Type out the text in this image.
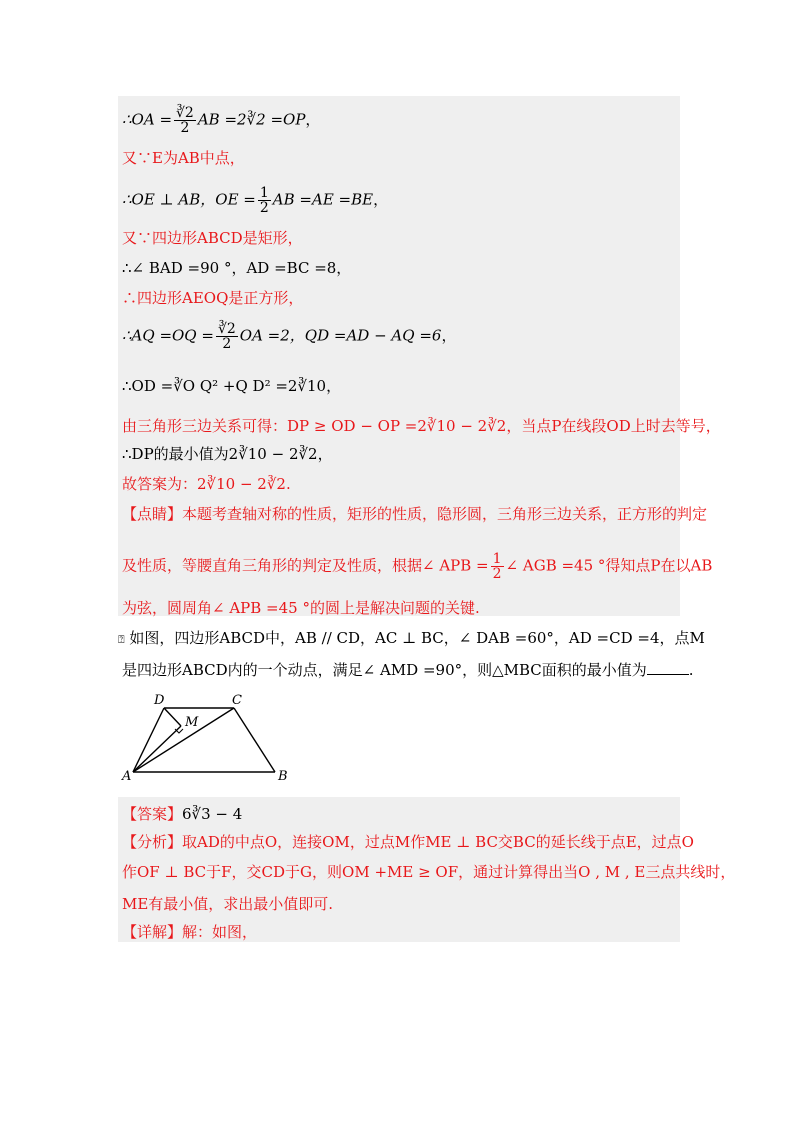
∴OA = $\frac{∛2}{2}$ AB =2∛2 =OP，
又∵E为AB中点，
∴OE ⊥ AB，OE = $\frac{1}{2}$ AB =AE =BE，
又∵四边形ABCD是矩形，
∴∠ BAD =90 °，AD =BC =8，
∴四边形AEOQ是正方形，
∴AQ $=OQ = \frac{∛2}{2}$ OA =2，QD =AD − AQ =6，
∴OD =∛O Q² +Q D² =2∛10，
由三角形三边关系可得：DP ≥ OD − OP =2∛10 − 2∛2，当点P在线段OD上时去等号，
∴DP的最小值为2∛10 − 2∛2，
故答案为：2∛10 − 2∛2.
【点睛】本题考查轴对称的性质，矩形的性质，隐形圆，三角形三边关系，正方形的判定
及性质，等腰直角三角形的判定及性质，根据∠ APB = $\frac{1}{2}$ ∠ AGB =45 °得知点P在以AB
为弦，圆周角∠ APB =45 °的圆上是解决问题的关键.
⍰ 如图，四边形ABCD中，AB // CD，AC ⊥ BC，∠ DAB =60°，AD =CD =4，点M
是四边形ABCD内的一个动点，满足∠ AMD =90°，则△MBC面积的最小值为	.
A	B
C
D
M
【答案】6∛3 − 4
【分析】取AD的中点O，连接OM，过点M作ME ⊥ BC交BC的延长线于点E，过点O
作OF ⊥ BC于F，交CD于G，则OM +ME ≥ OF，通过计算得出当O , M , E三点共线时，
ME有最小值，求出最小值即可.
【详解】解：如图，
